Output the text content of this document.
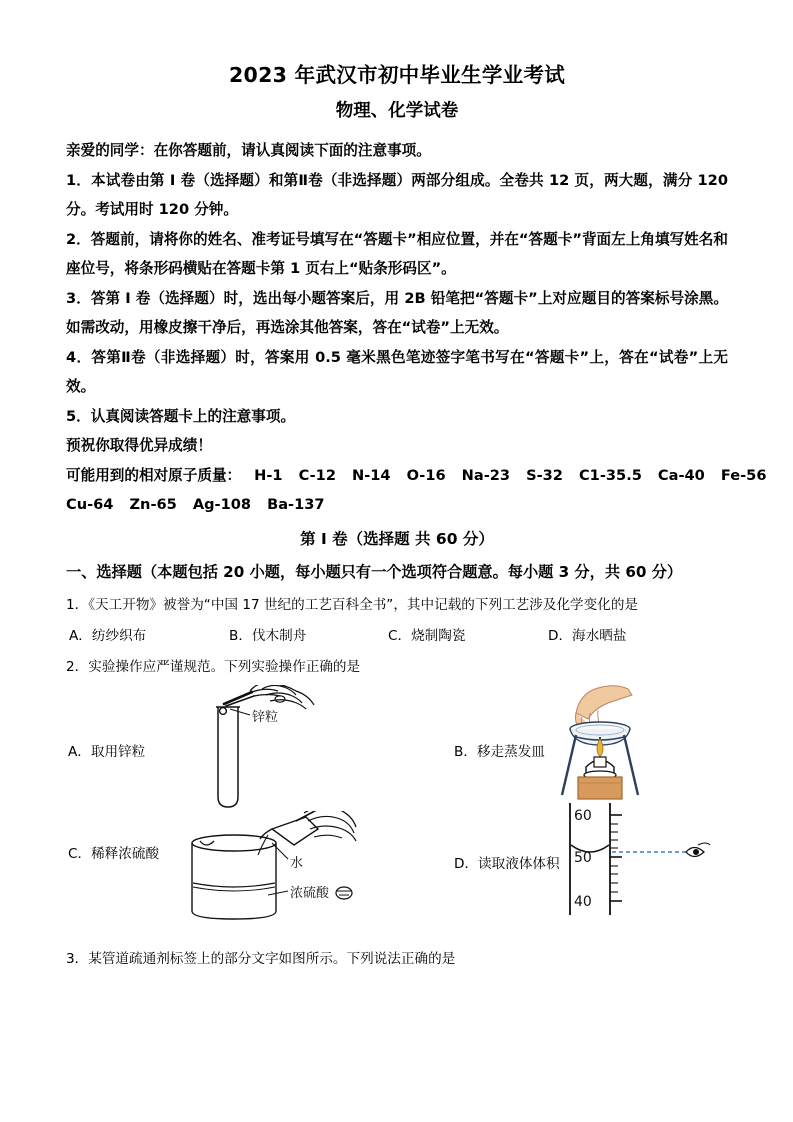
2023 年武汉市初中毕业生学业考试
物理、化学试卷

亲爱的同学：在你答题前，请认真阅读下面的注意事项。

1．本试卷由第 I 卷（选择题）和第Ⅱ卷（非选择题）两部分组成。全卷共 12 页，两大题，满分 120 分。考试用时 120 分钟。

2．答题前，请将你的姓名、准考证号填写在“答题卡”相应位置，并在“答题卡”背面左上角填写姓名和座位号，将条形码横贴在答题卡第 1 页右上“贴条形码区”。

3．答第 I 卷（选择题）时，选出每小题答案后，用 2B 铅笔把“答题卡”上对应题目的答案标号涂黑。如需改动，用橡皮擦干净后，再选涂其他答案，答在“试卷”上无效。

4．答第Ⅱ卷（非选择题）时，答案用 0.5 毫米黑色笔迹签字笔书写在“答题卡”上，答在“试卷”上无效。

5．认真阅读答题卡上的注意事项。

预祝你取得优异成绩！

可能用到的相对原子质量： H-1 C-12 N-14 O-16 Na-23 S-32 C1-35.5 Ca-40 Fe-56

Cu-64 Zn-65 Ag-108 Ba-137

第 I 卷（选择题 共 60 分）
一、选择题（本题包括 20 小题，每小题只有一个选项符合题意。每小题 3 分，共 60 分）

1．《天工开物》被誉为“中国 17 世纪的工艺百科全书”，其中记载的下列工艺涉及化学变化的是

A．纺纱织布	B．伐木制舟	C．烧制陶瓷	D．海水晒盐

2．实验操作应严谨规范。下列实验操作正确的是

A．取用锌粒
锌粒
B．移走蒸发皿
C．稀释浓硫酸
水
浓硫酸
D．读取液体体积
60
50
40

3．某管道疏通剂标签上的部分文字如图所示。下列说法正确的是
